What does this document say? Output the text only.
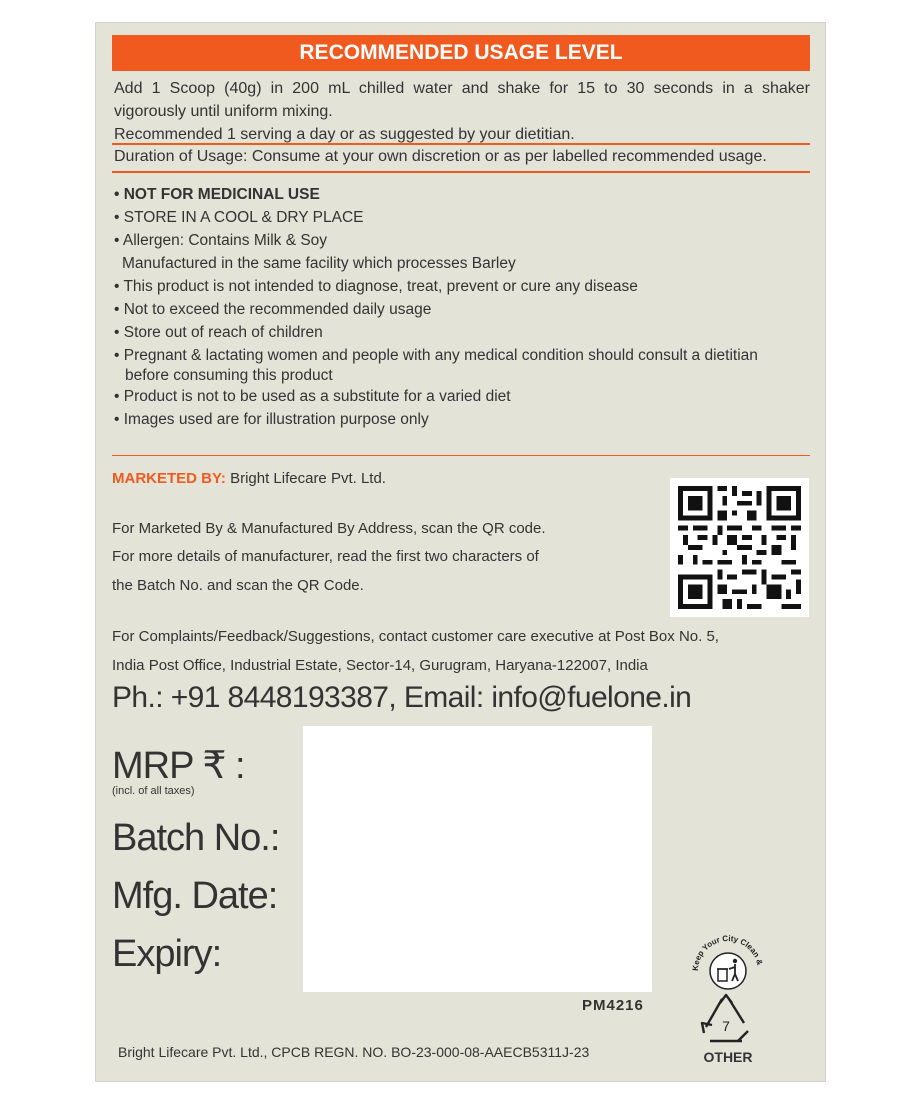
RECOMMENDED USAGE LEVEL
Add 1 Scoop (40g) in 200 mL chilled water and shake for 15 to 30 seconds in a shaker
vigorously until uniform mixing.
Recommended 1 serving a day or as suggested by your dietitian.
Duration of Usage: Consume at your own discretion or as per labelled recommended usage.
• NOT FOR MEDICINAL USE
• STORE IN A COOL & DRY PLACE
• Allergen: Contains Milk & Soy
Manufactured in the same facility which processes Barley
• This product is not intended to diagnose, treat, prevent or cure any disease
• Not to exceed the recommended daily usage
• Store out of reach of children
• Pregnant & lactating women and people with any medical condition should consult a dietitian
before consuming this product
• Product is not to be used as a substitute for a varied diet
• Images used are for illustration purpose only
MARKETED BY: Bright Lifecare Pvt. Ltd.
For Marketed By & Manufactured By Address, scan the QR code.
For more details of manufacturer, read the first two characters of
the Batch No. and scan the QR Code.
For Complaints/Feedback/Suggestions, contact customer care executive at Post Box No. 5,
India Post Office, Industrial Estate, Sector-14, Gurugram, Haryana-122007, India
Ph.: +91 8448193387, Email: info@fuelone.in
MRP ₹ :
(incl. of all taxes)
Batch No.:
Mfg. Date:
Expiry:
PM4216
Keep Your City Clean &
7
OTHER
Bright Lifecare Pvt. Ltd., CPCB REGN. NO. BO-23-000-08-AAECB5311J-23
